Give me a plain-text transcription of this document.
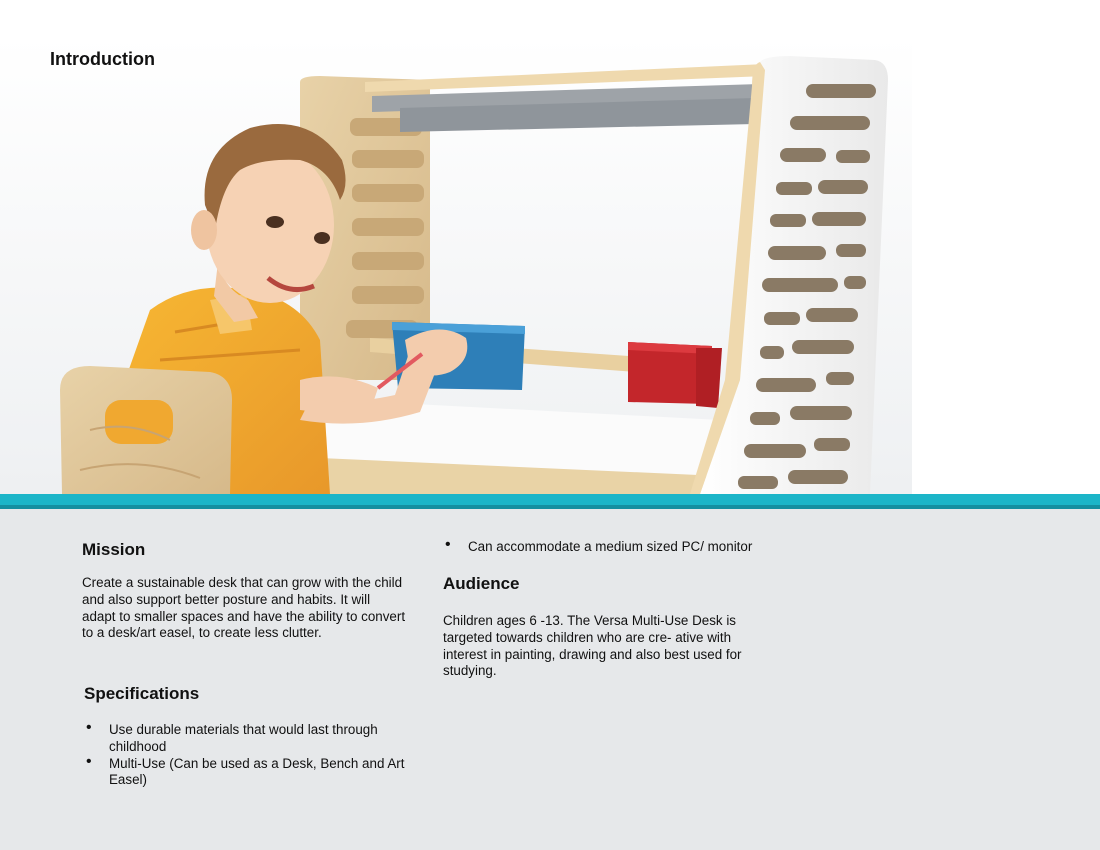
Introduction
Mission

Create a sustainable desk that can grow with the child and also support better posture and habits. It will adapt to smaller spaces and have the ability to convert to a desk/art easel, to create less clutter.

Specifications
• Use durable materials that would last through childhood
• Multi-Use (Can be used as a Desk, Bench and Art Easel)
• Can accommodate a medium sized PC/ monitor
Audience

Children ages 6 -13. The Versa Multi-Use Desk is targeted towards children who are cre- ative with interest in painting, drawing and also best used for studying.
